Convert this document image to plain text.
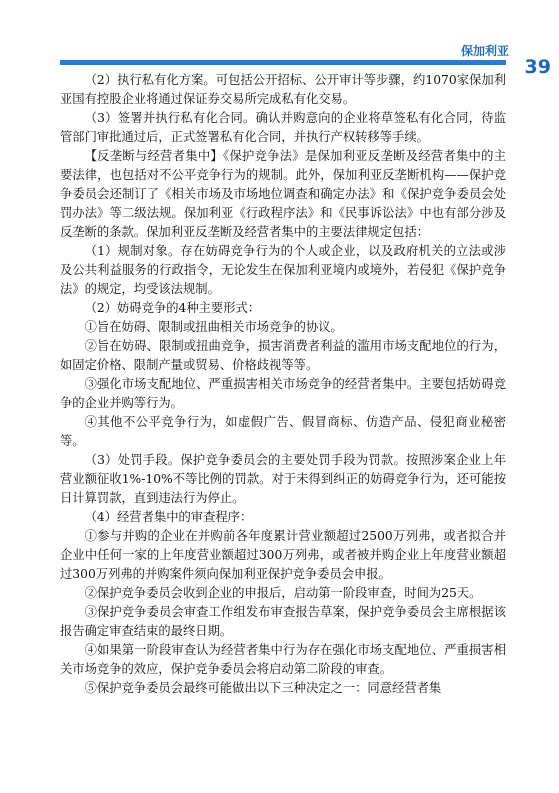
保加利亚
39

（2）执行私有化方案。可包括公开招标、公开审计等步骤，约1070家保加利亚国有控股企业将通过保证券交易所完成私有化交易。

（3）签署并执行私有化合同。确认并购意向的企业将草签私有化合同，待监管部门审批通过后，正式签署私有化合同，并执行产权转移等手续。

【反垄断与经营者集中】《保护竞争法》是保加利亚反垄断及经营者集中的主要法律，也包括对不公平竞争行为的规制。此外，保加利亚反垄断机构——保护竞争委员会还制订了《相关市场及市场地位调查和确定办法》和《保护竞争委员会处罚办法》等二级法规。保加利亚《行政程序法》和《民事诉讼法》中也有部分涉及反垄断的条款。保加利亚反垄断及经营者集中的主要法律规定包括：

（1）规制对象。存在妨碍竞争行为的个人或企业，以及政府机关的立法或涉及公共利益服务的行政指令，无论发生在保加利亚境内或境外，若侵犯《保护竞争法》的规定，均受该法规制。

（2）妨碍竞争的4种主要形式：

①旨在妨碍、限制或扭曲相关市场竞争的协议。

②旨在妨碍、限制或扭曲竞争，损害消费者利益的滥用市场支配地位的行为，如固定价格、限制产量或贸易、价格歧视等等。

③强化市场支配地位、严重损害相关市场竞争的经营者集中。主要包括妨碍竞争的企业并购等行为。

④其他不公平竞争行为，如虚假广告、假冒商标、仿造产品、侵犯商业秘密等。

（3）处罚手段。保护竞争委员会的主要处罚手段为罚款。按照涉案企业上年营业额征收1%-10%不等比例的罚款。对于未得到纠正的妨碍竞争行为，还可能按日计算罚款，直到违法行为停止。

（4）经营者集中的审查程序：

①参与并购的企业在并购前各年度累计营业额超过2500万列弗，或者拟合并企业中任何一家的上年度营业额超过300万列弗，或者被并购企业上年度营业额超过300万列弗的并购案件须向保加利亚保护竞争委员会申报。

②保护竞争委员会收到企业的申报后，启动第一阶段审查，时间为25天。

③保护竞争委员会审查工作组发布审查报告草案，保护竞争委员会主席根据该报告确定审查结束的最终日期。

④如果第一阶段审查认为经营者集中行为存在强化市场支配地位、严重损害相关市场竞争的效应，保护竞争委员会将启动第二阶段的审查。

⑤保护竞争委员会最终可能做出以下三种决定之一：同意经营者集
